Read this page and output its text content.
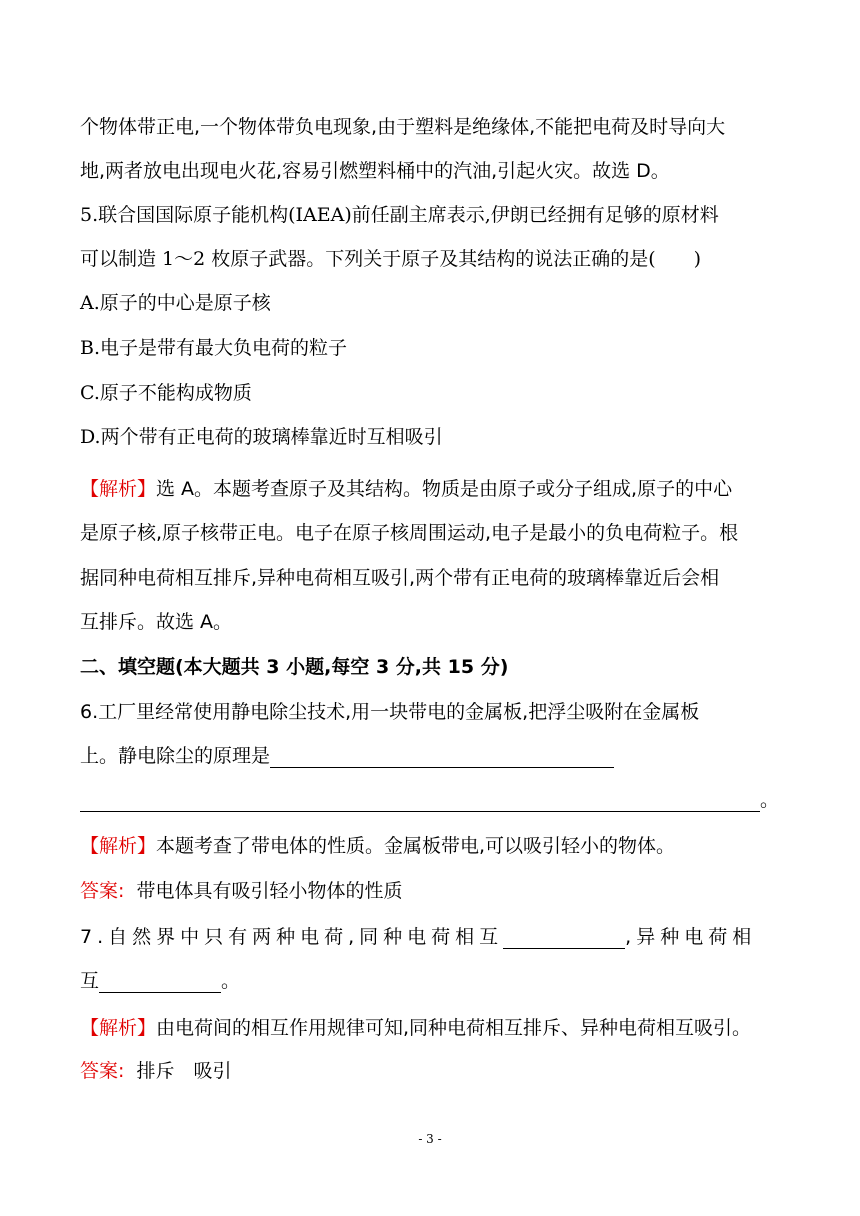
个物体带正电,一个物体带负电现象,由于塑料是绝缘体,不能把电荷及时导向大
地,两者放电出现电火花,容易引燃塑料桶中的汽油,引起火灾。故选 D。
5.联合国国际原子能机构(IAEA)前任副主席表示,伊朗已经拥有足够的原材料
可以制造 1～2 枚原子武器。下列关于原子及其结构的说法正确的是(　　)
A.原子的中心是原子核
B.电子是带有最大负电荷的粒子
C.原子不能构成物质
D.两个带有正电荷的玻璃棒靠近时互相吸引
【解析】选 A。本题考查原子及其结构。物质是由原子或分子组成,原子的中心
是原子核,原子核带正电。电子在原子核周围运动,电子是最小的负电荷粒子。根
据同种电荷相互排斥,异种电荷相互吸引,两个带有正电荷的玻璃棒靠近后会相
互排斥。故选 A。
二、填空题(本大题共 3 小题,每空 3 分,共 15 分)
6.工厂里经常使用静电除尘技术,用一块带电的金属板,把浮尘吸附在金属板
上。静电除尘的原理是
。
【解析】本题考查了带电体的性质。金属板带电,可以吸引轻小的物体。
答案: 带电体具有吸引轻小物体的性质
7.自然界中只有两种电荷,同种电荷相互	,异种电荷相
互	。
【解析】由电荷间的相互作用规律可知,同种电荷相互排斥、异种电荷相互吸引。
答案: 排斥　吸引
- 3 -
